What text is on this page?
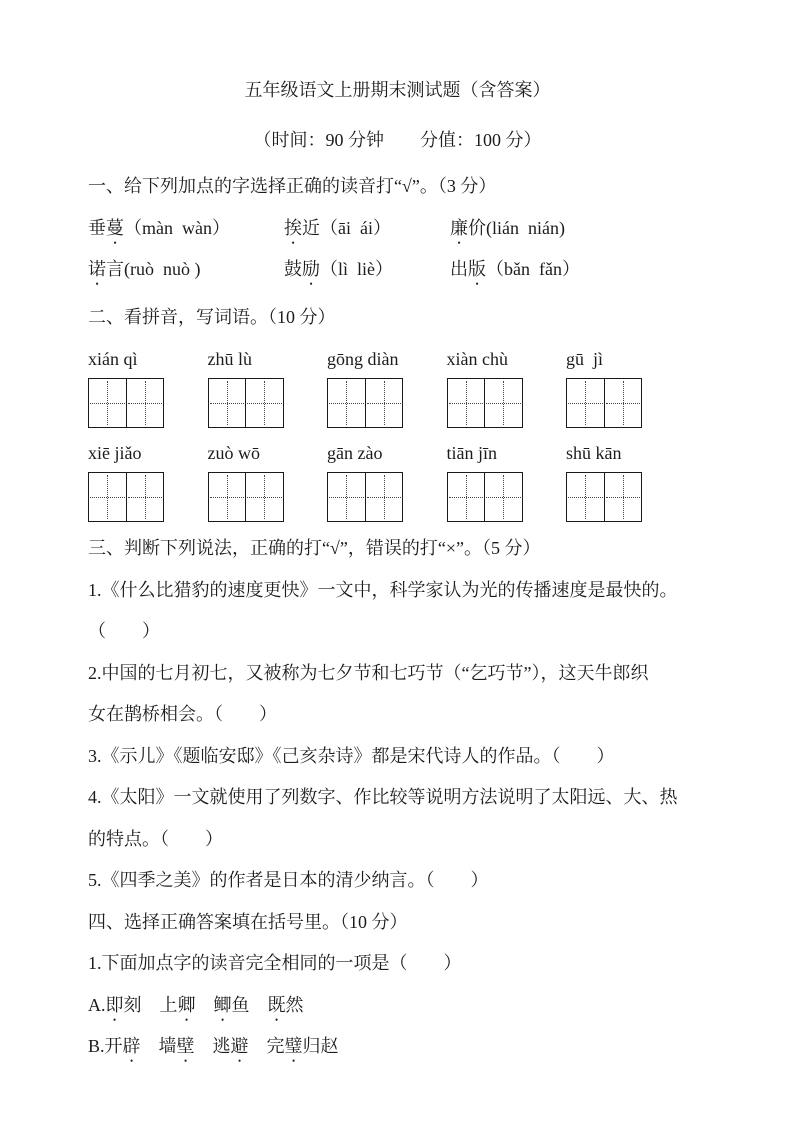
五年级语文上册期末测试题（含答案）

（时间：90 分钟　　分值：100 分）

一、给下列加点的字选择正确的读音打“√”。（3 分）

垂蔓（màn  wàn）	挨近（āi  ái）	廉价(lián  nián)

诺言(ruò  nuò )	鼓励（lì  liè）	出版（bǎn  fǎn）

二、看拼音，写词语。（10 分）

xián qì	zhū lù	gōng diàn	xiàn chù	gū  jì
xiē jiǎo	zuò wō	gān zào	tiān jīn	shū kān

三、判断下列说法，正确的打“√”，错误的打“×”。（5 分）

1.《什么比猎豹的速度更快》一文中，科学家认为光的传播速度是最快的。

（　　）

2.中国的七月初七，又被称为七夕节和七巧节（“乞巧节”），这天牛郎织

女在鹊桥相会。（　　）

3.《示儿》《题临安邸》《己亥杂诗》都是宋代诗人的作品。（　　）

4.《太阳》一文就使用了列数字、作比较等说明方法说明了太阳远、大、热

的特点。（　　）

5.《四季之美》的作者是日本的清少纳言。（　　）

四、选择正确答案填在括号里。（10 分）

1.下面加点字的读音完全相同的一项是（　　）

A.即刻　上卿　 鲫鱼　既然

B.开辟　 墙壁　 逃避　 完璧归赵
